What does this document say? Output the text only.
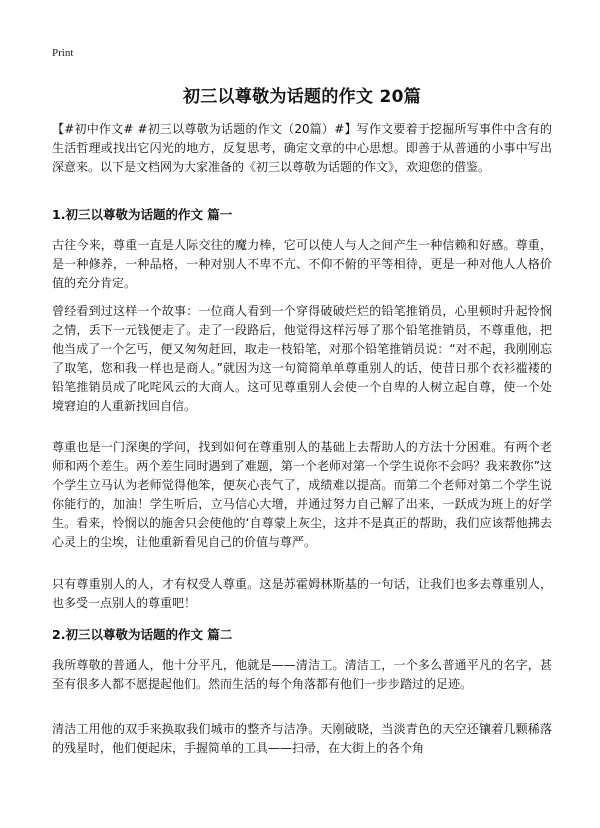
Print
初三以尊敬为话题的作文 20篇

【#初中作文# #初三以尊敬为话题的作文（20篇）#】写作文要着于挖掘所写事件中含有的生活哲理或找出它闪光的地方，反复思考，确定文章的中心思想。即善于从普通的小事中写出深意来。以下是文档网为大家准备的《初三以尊敬为话题的作文》，欢迎您的借鉴。

1.初三以尊敬为话题的作文 篇一

古往今来，尊重一直是人际交往的魔力棒，它可以使人与人之间产生一种信赖和好感。尊重，是一种修养，一种品格，一种对别人不卑不亢、不仰不俯的平等相待，更是一种对他人人格价值的充分肯定。

曾经看到过这样一个故事：一位商人看到一个穿得破破烂烂的铅笔推销员，心里顿时升起怜悯之情，丢下一元钱便走了。走了一段路后，他觉得这样污辱了那个铅笔推销员，不尊重他，把他当成了一个乞丐，便又匆匆赶回，取走一枝铅笔，对那个铅笔推销员说：“对不起，我刚刚忘了取笔，您和我一样也是商人。”就因为这一句简简单单尊重别人的话，使昔日那个衣衫褴褛的铅笔推销员成了叱咤风云的大商人。这可见尊重别人会使一个自卑的人树立起自尊，使一个处境窘迫的人重新找回自信。

尊重也是一门深奥的学问，找到如何在尊重别人的基础上去帮助人的方法十分困难。有两个老师和两个差生。两个差生同时遇到了难题，第一个老师对第一个学生说你不会吗？我来教你”这个学生立马认为老师觉得他笨，便灰心丧气了，成绩难以提高。而第二个老师对第二个学生说你能行的，加油！学生听后，立马信心大增，并通过努力自己解了出来，一跃成为班上的好学生。看来，怜悯以的施舍只会使他的‘自尊蒙上灰尘，这并不是真正的帮助，我们应该帮他拂去心灵上的尘埃，让他重新看见自己的价值与尊严。

只有尊重别人的人，才有权受人尊重。这是苏霍姆林斯基的一句话，让我们也多去尊重别人，也多受一点别人的尊重吧！

2.初三以尊敬为话题的作文 篇二

我所尊敬的普通人，他十分平凡，他就是——清洁工。清洁工，一个多么普通平凡的名字，甚至有很多人都不愿提起他们。然而生活的每个角落都有他们一步步踏过的足迹。

清洁工用他的双手来换取我们城市的整齐与洁净。天刚破晓，当淡青色的天空还镶着几颗稀落的残星时，他们便起床，手握简单的工具——扫帚，在大街上的各个角
